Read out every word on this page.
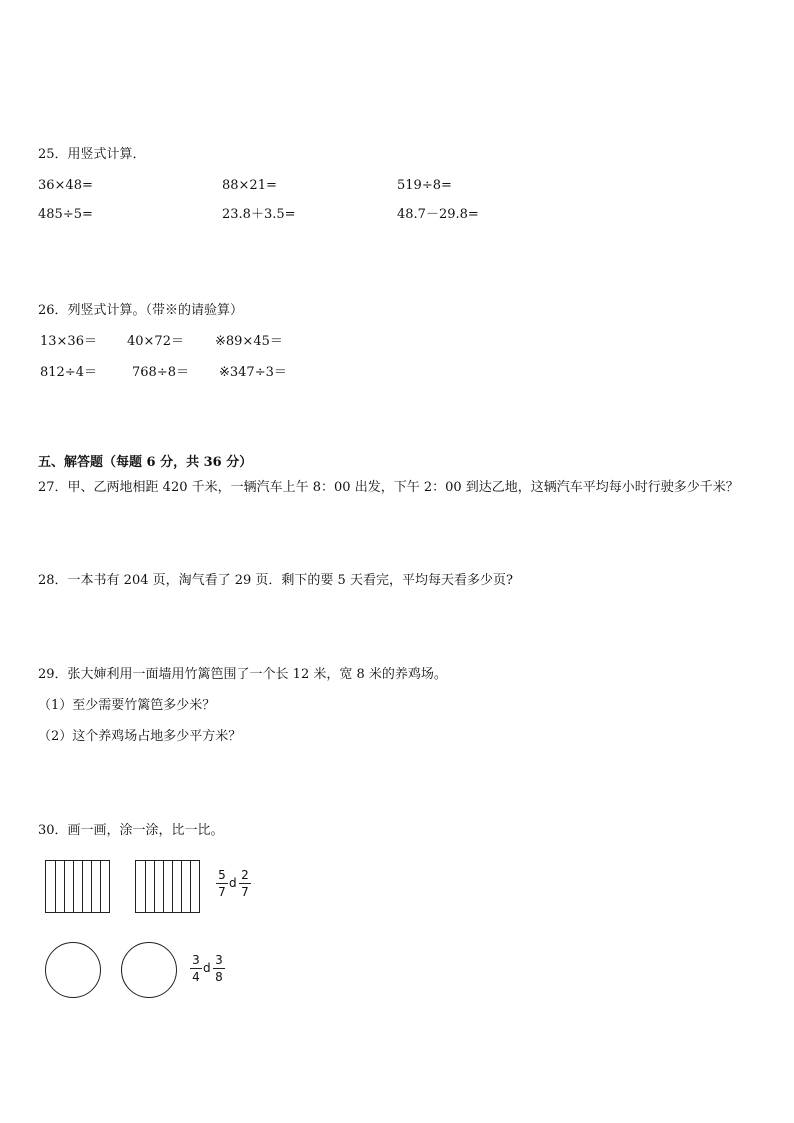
25．用竖式计算．
36×48=	88×21=	519÷8=
485÷5=	23.8＋3.5=	48.7－29.8=
26．列竖式计算。（带※的请验算）
13×36＝ 40×72＝ ※89×45＝
812÷4＝	768÷8＝ ※347÷3＝
五、解答题（每题 6 分，共 36 分）
27．甲、乙两地相距 420 千米，一辆汽车上午 8：00 出发，下午 2：00 到达乙地，这辆汽车平均每小时行驶多少千米？
28．一本书有 204 页，淘气看了 29 页．剩下的要 5 天看完，平均每天看多少页?
29．张大婶利用一面墙用竹篱笆围了一个长 12 米，宽 8 米的养鸡场。
（1）至少需要竹篱笆多少米？
（2）这个养鸡场占地多少平方米？
30．画一画，涂一涂，比一比。
5
7
d
2
7
3
4
d
3
8
